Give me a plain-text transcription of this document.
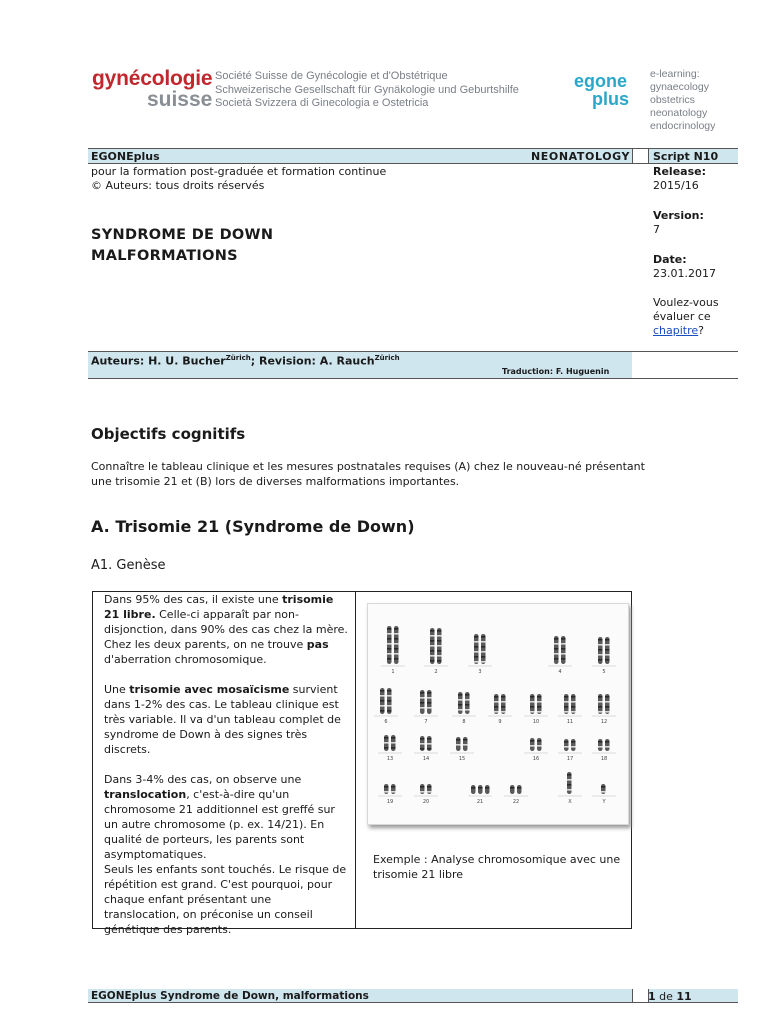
gynécologie
suisse
Société Suisse de Gynécologie et d'Obstétrique
Schweizerische Gesellschaft für Gynäkologie und Geburtshilfe
Società Svizzera di Ginecologia e Ostetricia
egone
plus
e-learning:
gynaecology
obstetrics
neonatology
endocrinology
EGONEplus	NEONATOLOGY Script N10
pour la formation post-graduée et formation continue
© Auteurs: tous droits réservés
SYNDROME DE DOWN
MALFORMATIONS
Release:
2015/16
Version:
7
Date:
23.01.2017
Voulez-vous
évaluer ce
chapitre?
Auteurs: H. U. Bucher$^{Zürich}$; Revision: A. Rauch$^{Zürich}$
Traduction: F. Huguenin
Objectifs cognitifs
Connaître le tableau clinique et les mesures postnatales requises (A) chez le nouveau-né présentant une trisomie 21 et (B) lors de diverses malformations importantes.
A. Trisomie 21 (Syndrome de Down)
A1. Genèse

Dans 95% des cas, il existe une trisomie 21 libre. Celle-ci apparaît par non-disjonction, dans 90% des cas chez la mère. Chez les deux parents, on ne trouve pas d'aberration chromosomique.

Une trisomie avec mosaïcisme survient dans 1-2% des cas. Le tableau clinique est très variable. Il va d'un tableau complet de syndrome de Down à des signes très discrets.

Dans 3-4% des cas, on observe une translocation, c'est-à-dire qu'un chromosome 21 additionnel est greffé sur un autre chromosome (p. ex. 14/21). En qualité de porteurs, les parents sont asymptomatiques.

Seuls les enfants sont touchés. Le risque de répétition est grand. C'est pourquoi, pour chaque enfant présentant une translocation, on préconise un conseil génétique des parents.

1	2	3	4	5
6	7	8	9	10	11	12
13	14	15	16	17	18
19	20	21	22	X	Y
Exemple : Analyse chromosomique avec une trisomie 21 libre
EGONEplus Syndrome de Down, malformations	1 de 11
